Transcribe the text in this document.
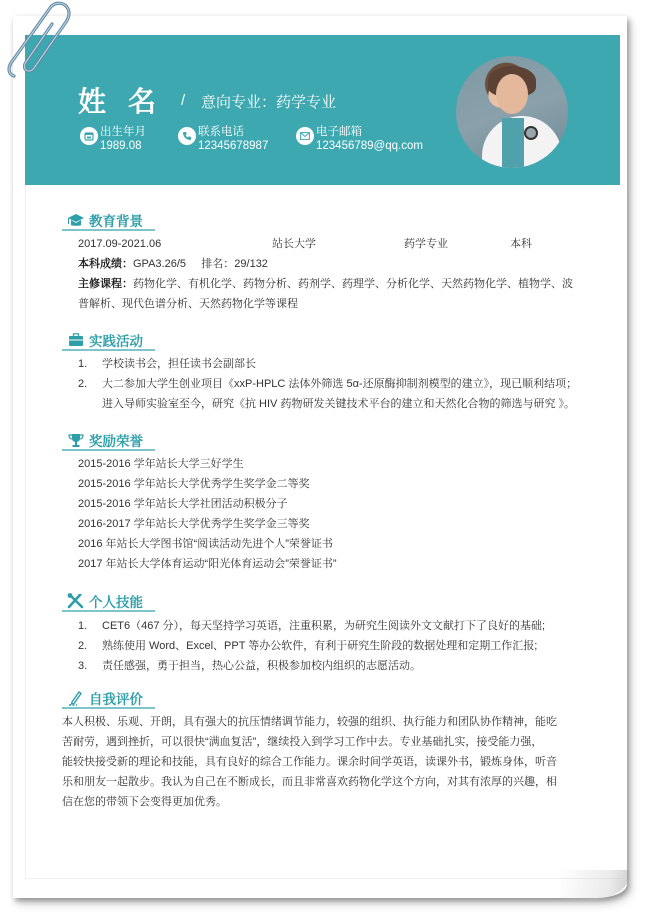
姓名 / 意向专业：药学专业
出生年月
1989.08
联系电话
12345678987
电子邮箱
123456789@qq.com
教育背景
2017.09-2021.06	站长大学	药学专业	本科
本科成绩：GPA3.26/5 排名：29/132
主修课程：药物化学、有机化学、药物分析、药剂学、药理学、分析化学、天然药物化学、植物学、波
普解析、现代色谱分析、天然药物化学等课程
实践活动
1.	学校读书会，担任读书会副部长
2.	大二参加大学生创业项目《xxP-HPLC 法体外筛选 5α-还原酶抑制剂模型的建立》，现已顺利结项；
进入导师实验室至今，研究《抗 HIV 药物研发关键技术平台的建立和天然化合物的筛选与研究 》。
奖励荣誉
2015-2016 学年站长大学三好学生
2015-2016 学年站长大学优秀学生奖学金二等奖
2015-2016 学年站长大学社团活动积极分子
2016-2017 学年站长大学优秀学生奖学金三等奖
2016 年站长大学图书馆“阅读活动先进个人”荣誉证书
2017 年站长大学体育运动“阳光体育运动会”荣誉证书”
个人技能
1.	CET6（467 分），每天坚持学习英语，注重积累，为研究生阅读外文文献打下了良好的基础;
2.	熟练使用 Word、Excel、PPT 等办公软件，有利于研究生阶段的数据处理和定期工作汇报;
3.	责任感强，勇于担当，热心公益，积极参加校内组织的志愿活动。
自我评价
本人积极、乐观、开朗，具有强大的抗压情绪调节能力，较强的组织、执行能力和团队协作精神，能吃
苦耐劳，遇到挫折，可以很快“满血复活”，继续投入到学习工作中去。专业基础扎实，接受能力强，
能较快接受新的理论和技能，具有良好的综合工作能力。课余时间学英语，读课外书，锻炼身体，听音
乐和朋友一起散步。我认为自己在不断成长，而且非常喜欢药物化学这个方向，对其有浓厚的兴趣，相
信在您的带领下会变得更加优秀。
